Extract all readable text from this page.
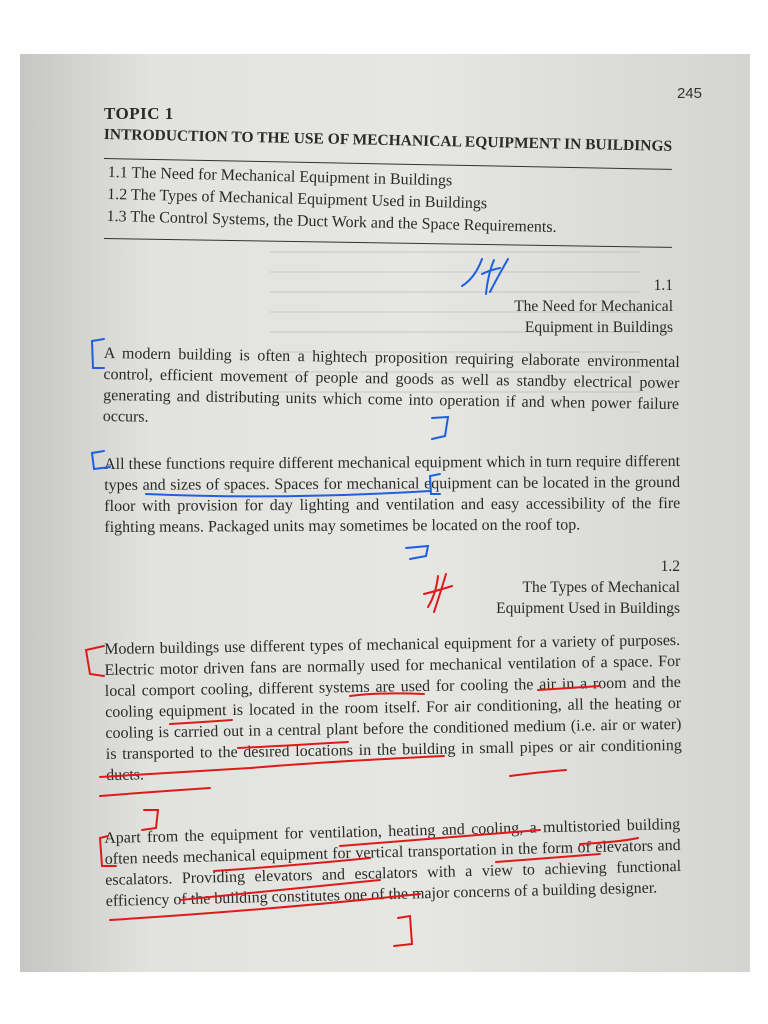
245
TOPIC 1
INTRODUCTION TO THE USE OF MECHANICAL EQUIPMENT IN BUILDINGS
1.1 The Need for Mechanical Equipment in Buildings
1.2 The Types of Mechanical Equipment Used in Buildings
1.3 The Control Systems, the Duct Work and the Space Requirements.
1.1
The Need for Mechanical
Equipment in Buildings
A modern building is often a hightech proposition requiring elaborate environmental control, efficient movement of people and goods as well as standby electrical power generating and distributing units which come into operation if and when power failure occurs.
All these functions require different mechanical equipment which in turn require different types and sizes of spaces. Spaces for mechanical equipment can be located in the ground floor with provision for day lighting and ventilation and easy accessibility of the fire fighting means. Packaged units may sometimes be located on the roof top.
1.2
The Types of Mechanical
Equipment Used in Buildings
Modern buildings use different types of mechanical equipment for a variety of purposes. Electric motor driven fans are normally used for mechanical ventilation of a space. For local comport cooling, different systems are used for cooling the air in a room and the cooling equipment is located in the room itself. For air conditioning, all the heating or cooling is carried out in a central plant before the conditioned medium (i.e. air or water) is transported to the desired locations in the building in small pipes or air conditioning ducts.
Apart from the equipment for ventilation, heating and cooling, a multistoried building often needs mechanical equipment for vertical transportation in the form of elevators and escalators. Providing elevators and escalators with a view to achieving functional efficiency of the building constitutes one of the major concerns of a building designer.
